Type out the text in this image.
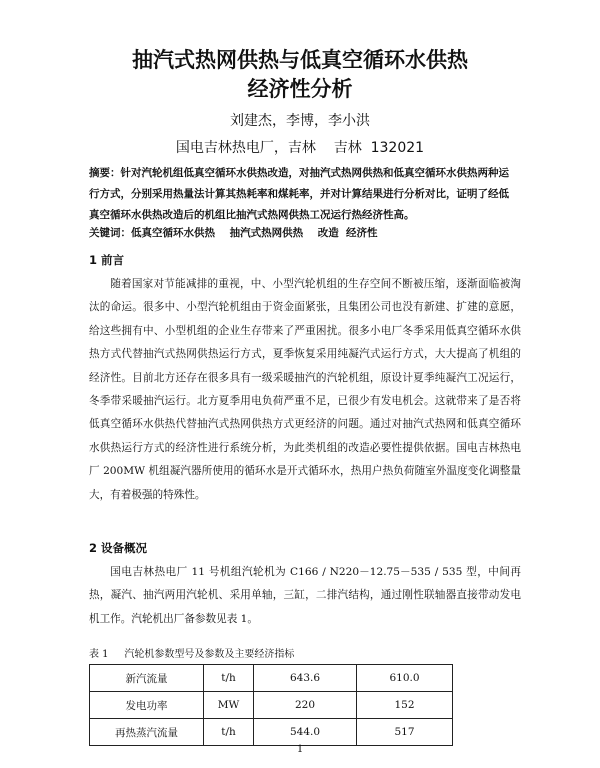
抽汽式热网供热与低真空循环水供热
经济性分析
刘建杰，李博，李小洪
国电吉林热电厂，吉林    吉林  132021
摘要：针对汽轮机组低真空循环水供热改造，对抽汽式热网供热和低真空循环水供热两种运行方式，分别采用热量法计算其热耗率和煤耗率，并对计算结果进行分析对比，证明了经低真空循环水供热改造后的机组比抽汽式热网供热工况运行热经济性高。
关键词：低真空循环水供热    抽汽式热网供热    改造  经济性
1 前言
随着国家对节能减排的重视，中、小型汽轮机组的生存空间不断被压缩，逐渐面临被淘汰的命运。很多中、小型汽轮机组由于资金面紧张，且集团公司也没有新建、扩建的意愿，给这些拥有中、小型机组的企业生存带来了严重困扰。很多小电厂冬季采用低真空循环水供热方式代替抽汽式热网供热运行方式，夏季恢复采用纯凝汽式运行方式，大大提高了机组的经济性。目前北方还存在很多具有一级采暖抽汽的汽轮机组，原设计夏季纯凝汽工况运行，冬季带采暖抽汽运行。北方夏季用电负荷严重不足，已很少有发电机会。这就带来了是否将低真空循环水供热代替抽汽式热网供热方式更经济的问题。通过对抽汽式热网和低真空循环水供热运行方式的经济性进行系统分析，为此类机组的改造必要性提供依据。国电吉林热电厂 200MW 机组凝汽器所使用的循环水是开式循环水，热用户热负荷随室外温度变化调整量大，有着极强的特殊性。
2 设备概况
国电吉林热电厂 11 号机组汽轮机为 C166 / N220－12.75－535 / 535 型，中间再热，凝汽、抽汽两用汽轮机、采用单轴，三缸，二排汽结构，通过刚性联轴器直接带动发电机工作。汽轮机出厂备参数见表 1。
表 1     汽轮机参数型号及参数及主要经济指标
新汽流量	t/h	643.6	610.0
发电功率	MW	220	152
再热蒸汽流量	t/h	544.0	517
1
